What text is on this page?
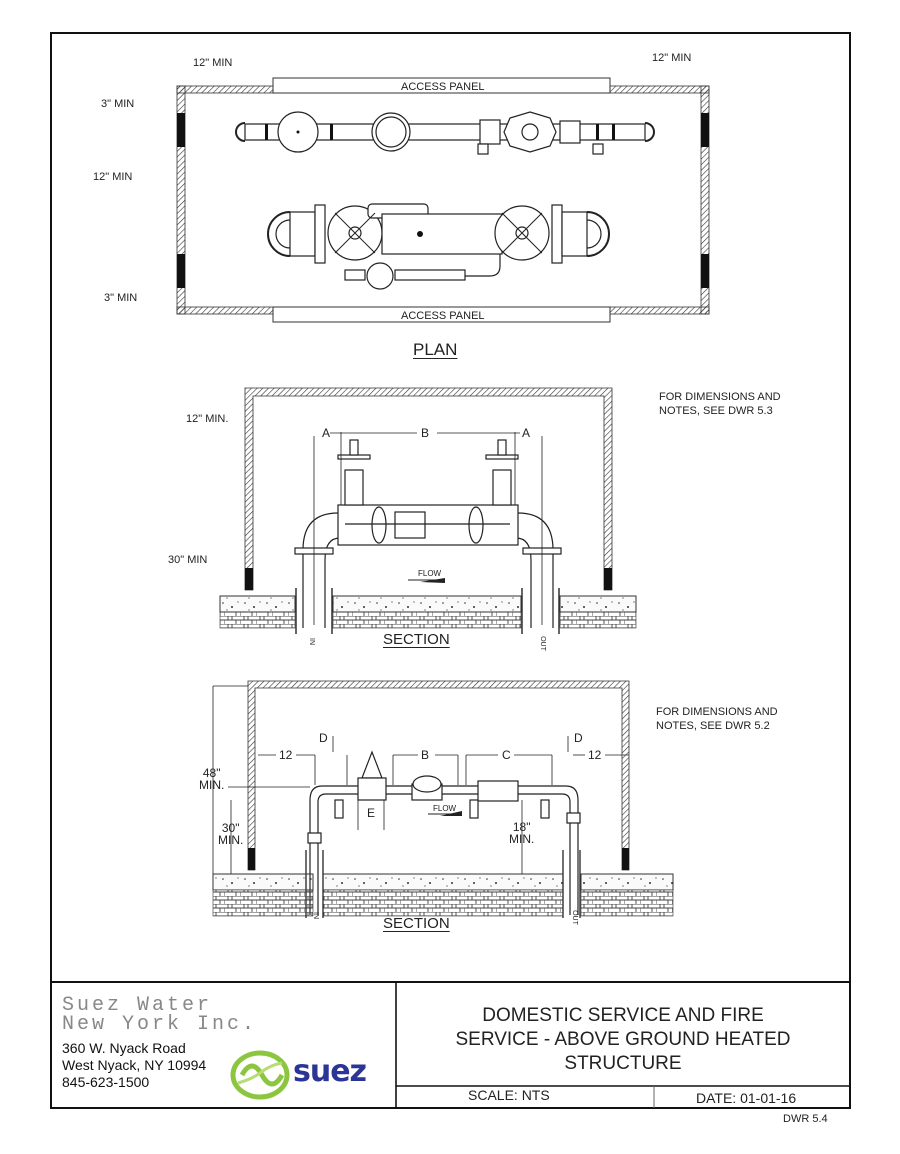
12" MIN	12" MIN
3" MIN
12" MIN
3" MIN
ACCESS PANEL
ACCESS PANEL
PLAN
12" MIN.
30" MIN
A	B	A
FLOW
IN	OUT
SECTION
FOR DIMENSIONS AND
NOTES, SEE DWR 5.3
48"
MIN.
30"
MIN.
18"
MIN.
12	12
D	D
B	C
E	FLOW
IN	OUT
SECTION
FOR DIMENSIONS AND
NOTES, SEE DWR 5.2
Suez Water
New York Inc.
360 W. Nyack Road
West Nyack, NY 10994
845-623-1500	suez
DOMESTIC SERVICE AND FIRE
SERVICE - ABOVE GROUND HEATED
STRUCTURE
SCALE: NTS	DATE: 01-01-16
DWR 5.4
